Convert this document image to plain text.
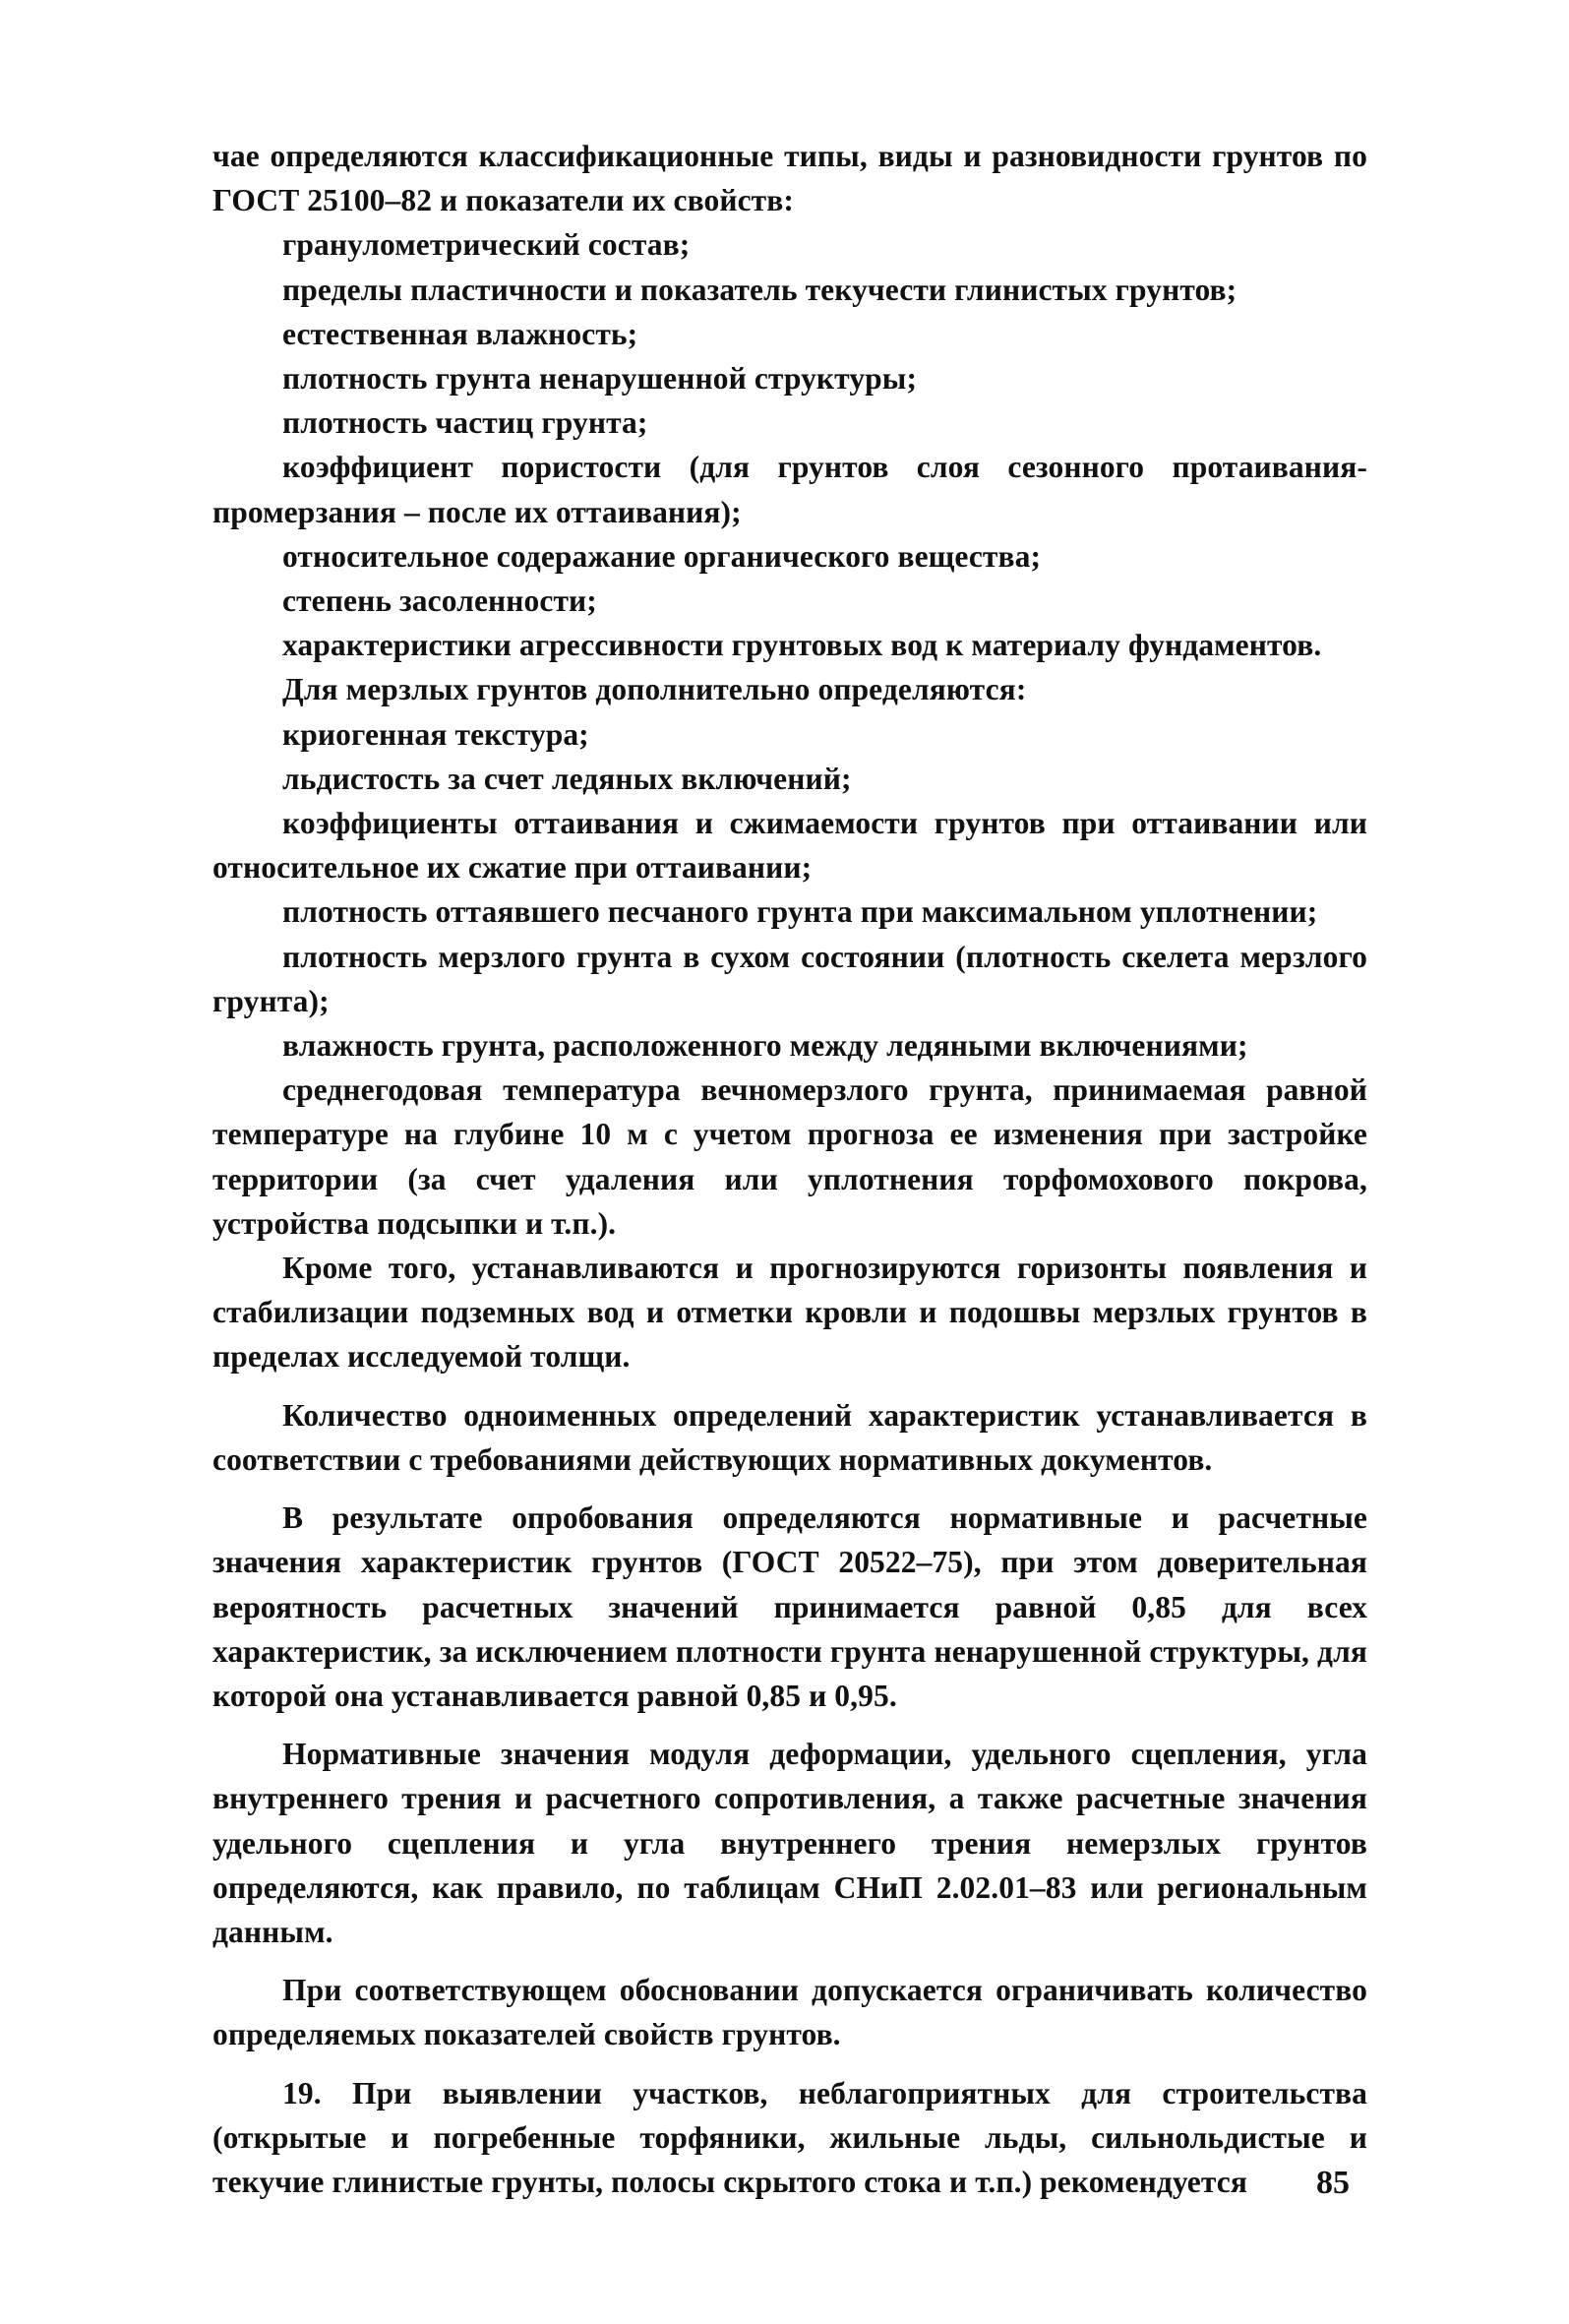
чае определяются классификационные типы, виды и разновидности грунтов по ГОСТ 25100–82 и показатели их свойств:

гранулометрический состав;

пределы пластичности и показатель текучести глинистых грунтов;

естественная влажность;

плотность грунта ненарушенной структуры;

плотность частиц грунта;

коэффициент пористости (для грунтов слоя сезонного протаивания-промерзания – после их оттаивания);

относительное содеражание органического вещества;

степень засоленности;

характеристики агрессивности грунтовых вод к материалу фундаментов.

Для мерзлых грунтов дополнительно определяются:

криогенная текстура;

льдистость за счет ледяных включений;

коэффициенты оттаивания и сжимаемости грунтов при оттаивании или относительное их сжатие при оттаивании;

плотность оттаявшего песчаного грунта при максимальном уплотнении;

плотность мерзлого грунта в сухом состоянии (плотность скелета мерзлого грунта);

влажность грунта, расположенного между ледяными включениями;

среднегодовая температура вечномерзлого грунта, принимаемая равной температуре на глубине 10 м с учетом прогноза ее изменения при застройке территории (за счет удаления или уплотнения торфомохового покрова, устройства подсыпки и т.п.).

Кроме того, устанавливаются и прогнозируются горизонты появления и стабилизации подземных вод и отметки кровли и подошвы мерзлых грунтов в пределах исследуемой толщи.

Количество одноименных определений характеристик устанавливается в соответствии с требованиями действующих нормативных документов.

В результате опробования определяются нормативные и расчетные значения характеристик грунтов (ГОСТ 20522–75), при этом доверительная вероятность расчетных значений принимается равной 0,85 для всех характеристик, за исключением плотности грунта ненарушенной структуры, для которой она устанавливается равной 0,85 и 0,95.

Нормативные значения модуля деформации, удельного сцепления, угла внутреннего трения и расчетного сопротивления, а также расчетные значения удельного сцепления и угла внутреннего трения немерзлых грунтов определяются, как правило, по таблицам СНиП 2.02.01–83 или региональным данным.

При соответствующем обосновании допускается ограничивать количество определяемых показателей свойств грунтов.

19. При выявлении участков, неблагоприятных для строительства (открытые и погребенные торфяники, жильные льды, сильнольдистые и текучие глинистые грунты, полосы скрытого стока и т.п.) рекомендуется	85
